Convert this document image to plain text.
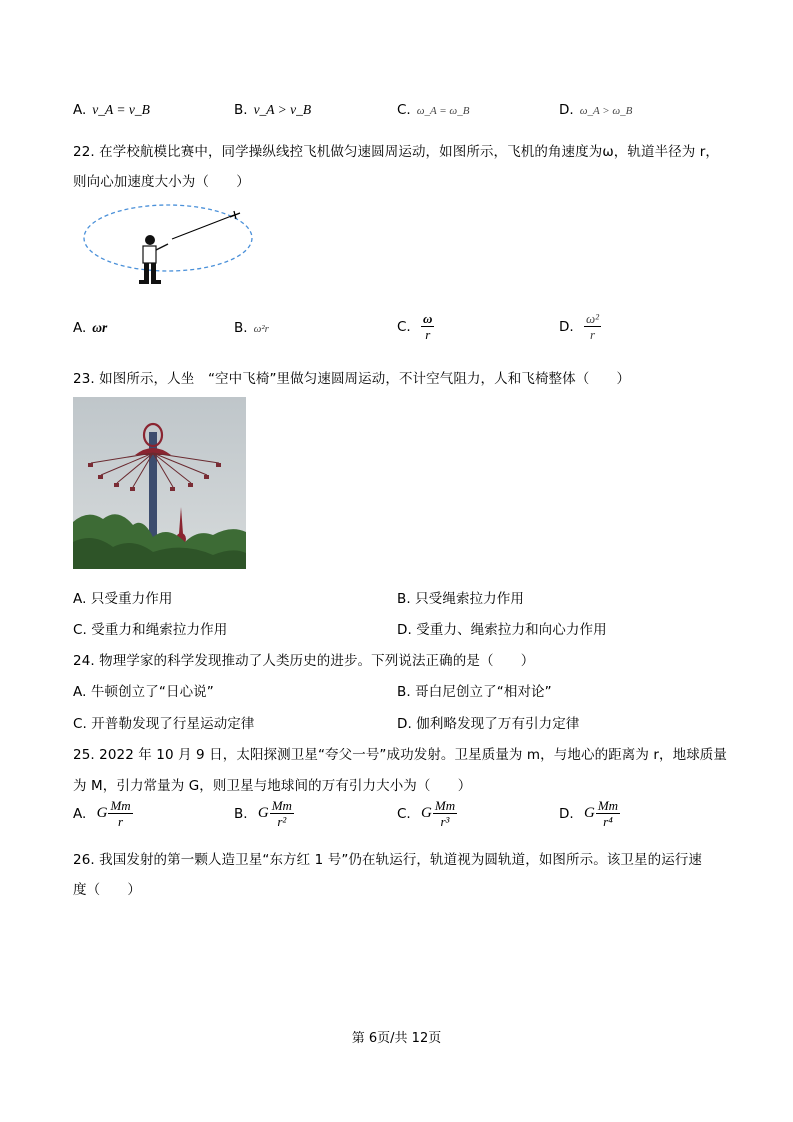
A. v_A = v_B	B. v_A > v_B	C. ω_A = ω_B	D. ω_A > ω_B
22. 在学校航模比赛中，同学操纵线控飞机做匀速圆周运动，如图所示，飞机的角速度为ω，轨道半径为 r，
则向心加速度大小为（　　）
A. ωr	B. ω²r	C. $\frac{\omega}{r}$	D. $\frac{\text{ω²}}{r}$
23. 如图所示，人坐　“空中飞椅”里做匀速圆周运动，不计空气阻力，人和飞椅整体（　　）
A. 只受重力作用	B. 只受绳索拉力作用
C. 受重力和绳索拉力作用	D. 受重力、绳索拉力和向心力作用
24. 物理学家的科学发现推动了人类历史的进步。下列说法正确的是（　　）
A. 牛顿创立了“日心说”	B. 哥白尼创立了“相对论”
C. 开普勒发现了行星运动定律	D. 伽利略发现了万有引力定律
25. 2022 年 10 月 9 日，太阳探测卫星“夸父一号”成功发射。卫星质量为 m，与地心的距离为 r，地球质量
为 M，引力常量为 G，则卫星与地球间的万有引力大小为（　　）
A. G $\frac{Mm}{r}$	B. G $\frac{Mm}{\text{r²}}$	C. G $\frac{Mm}{\text{r³}}$	D. G $\frac{Mm}{\text{r⁴}}$
26. 我国发射的第一颗人造卫星“东方红 1 号”仍在轨运行，轨道视为圆轨道，如图所示。该卫星的运行速
度（　　）
第 6页/共 12页
